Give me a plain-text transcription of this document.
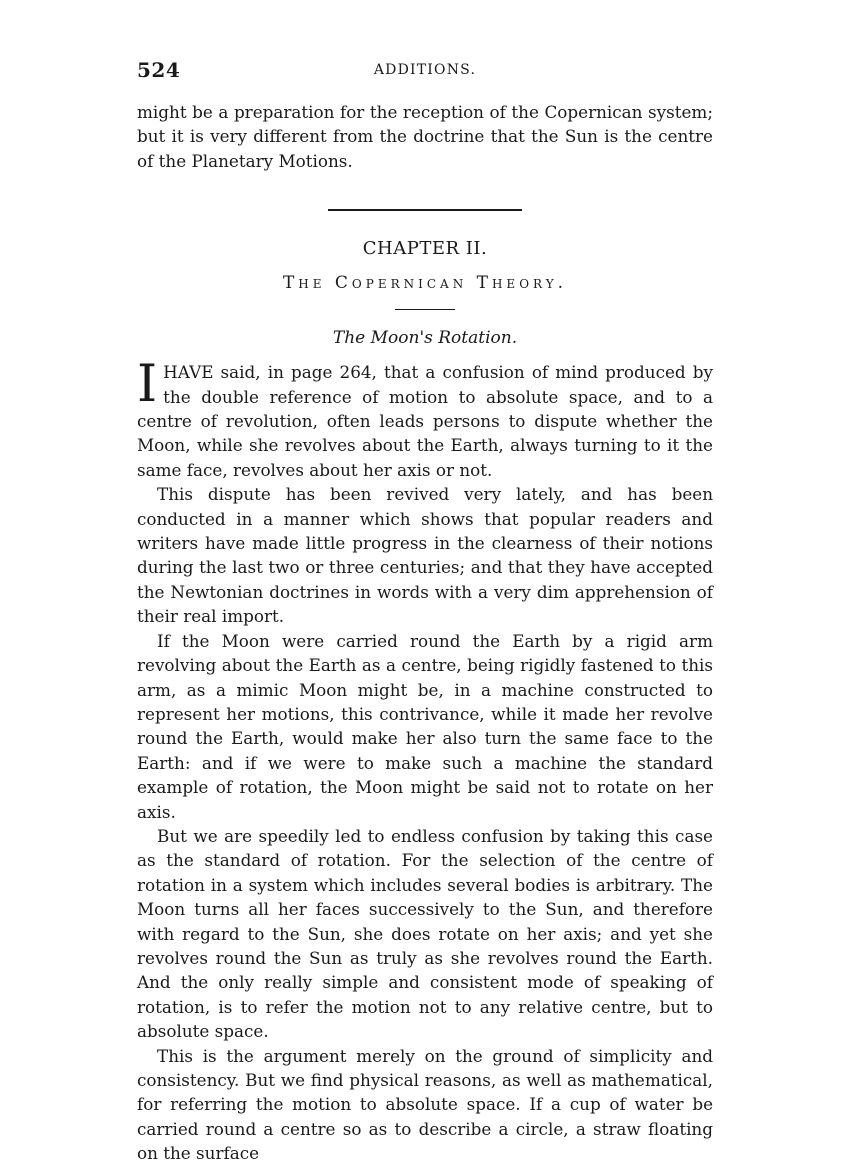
524	ADDITIONS.

might be a preparation for the reception of the Copernican system; but it is very different from the doctrine that the Sun is the centre of the Planetary Motions.

CHAPTER II.
The Copernican Theory.
The Moon's Rotation.

IHAVE said, in page 264, that a confusion of mind produced by the double reference of motion to absolute space, and to a centre of revolution, often leads persons to dispute whether the Moon, while she revolves about the Earth, always turning to it the same face, revolves about her axis or not.

This dispute has been revived very lately, and has been conducted in a manner which shows that popular readers and writers have made little progress in the clearness of their notions during the last two or three centuries; and that they have accepted the Newtonian doctrines in words with a very dim apprehension of their real import.

If the Moon were carried round the Earth by a rigid arm revolving about the Earth as a centre, being rigidly fastened to this arm, as a mimic Moon might be, in a machine constructed to represent her motions, this contrivance, while it made her revolve round the Earth, would make her also turn the same face to the Earth: and if we were to make such a machine the standard example of rotation, the Moon might be said not to rotate on her axis.

But we are speedily led to endless confusion by taking this case as the standard of rotation. For the selection of the centre of rotation in a system which includes several bodies is arbitrary. The Moon turns all her faces successively to the Sun, and therefore with regard to the Sun, she does rotate on her axis; and yet she revolves round the Sun as truly as she revolves round the Earth. And the only really simple and consistent mode of speaking of rotation, is to refer the motion not to any relative centre, but to absolute space.

This is the argument merely on the ground of simplicity and consistency. But we find physical reasons, as well as mathematical, for referring the motion to absolute space. If a cup of water be carried round a centre so as to describe a circle, a straw floating on the surface
